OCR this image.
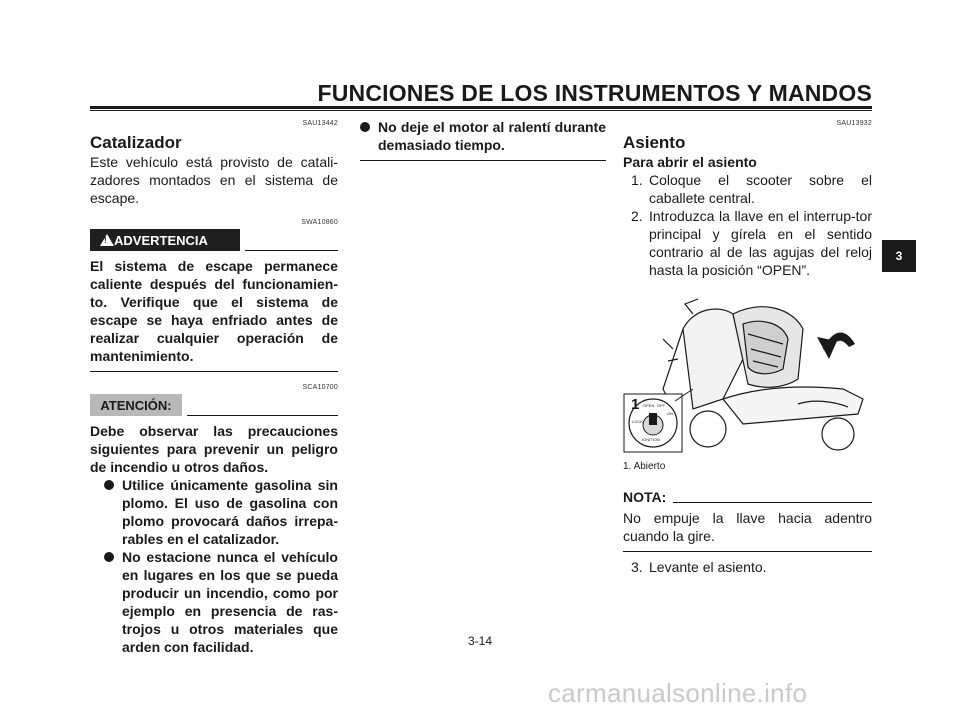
FUNCIONES DE LOS INSTRUMENTOS Y MANDOS
SAU13442
Catalizador

Este vehículo está provisto de catali-zadores montados en el sistema de escape.

SWA10860
! ADVERTENCIA

El sistema de escape permanece caliente después del funcionamien-to. Verifique que el sistema de escape se haya enfriado antes de realizar cualquier operación de mantenimiento.

SCA10700
ATENCIÓN:

Debe observar las precauciones siguientes para prevenir un peligro de incendio u otros daños.

Utilice únicamente gasolina sin plomo. El uso de gasolina con plomo provocará daños irrepa-rables en el catalizador.
No estacione nunca el vehículo en lugares en los que se pueda producir un incendio, como por ejemplo en presencia de ras-trojos u otros materiales que arden con facilidad.
No deje el motor al ralentí durante demasiado tiempo.
SAU13932
Asiento
Para abrir el asiento
1. Coloque el scooter sobre el caballete central.
2. Introduzca la llave en el interrup-tor principal y gírela en el sentido contrario al de las agujas del reloj hasta la posición “OPEN”.
1 OPEN OFF
ON
LOCK
IGNITION
1. Abierto
NOTA:

No empuje la llave hacia adentro cuando la gire.

3. Levante el asiento.
3-14
3
carmanualsonline.info
